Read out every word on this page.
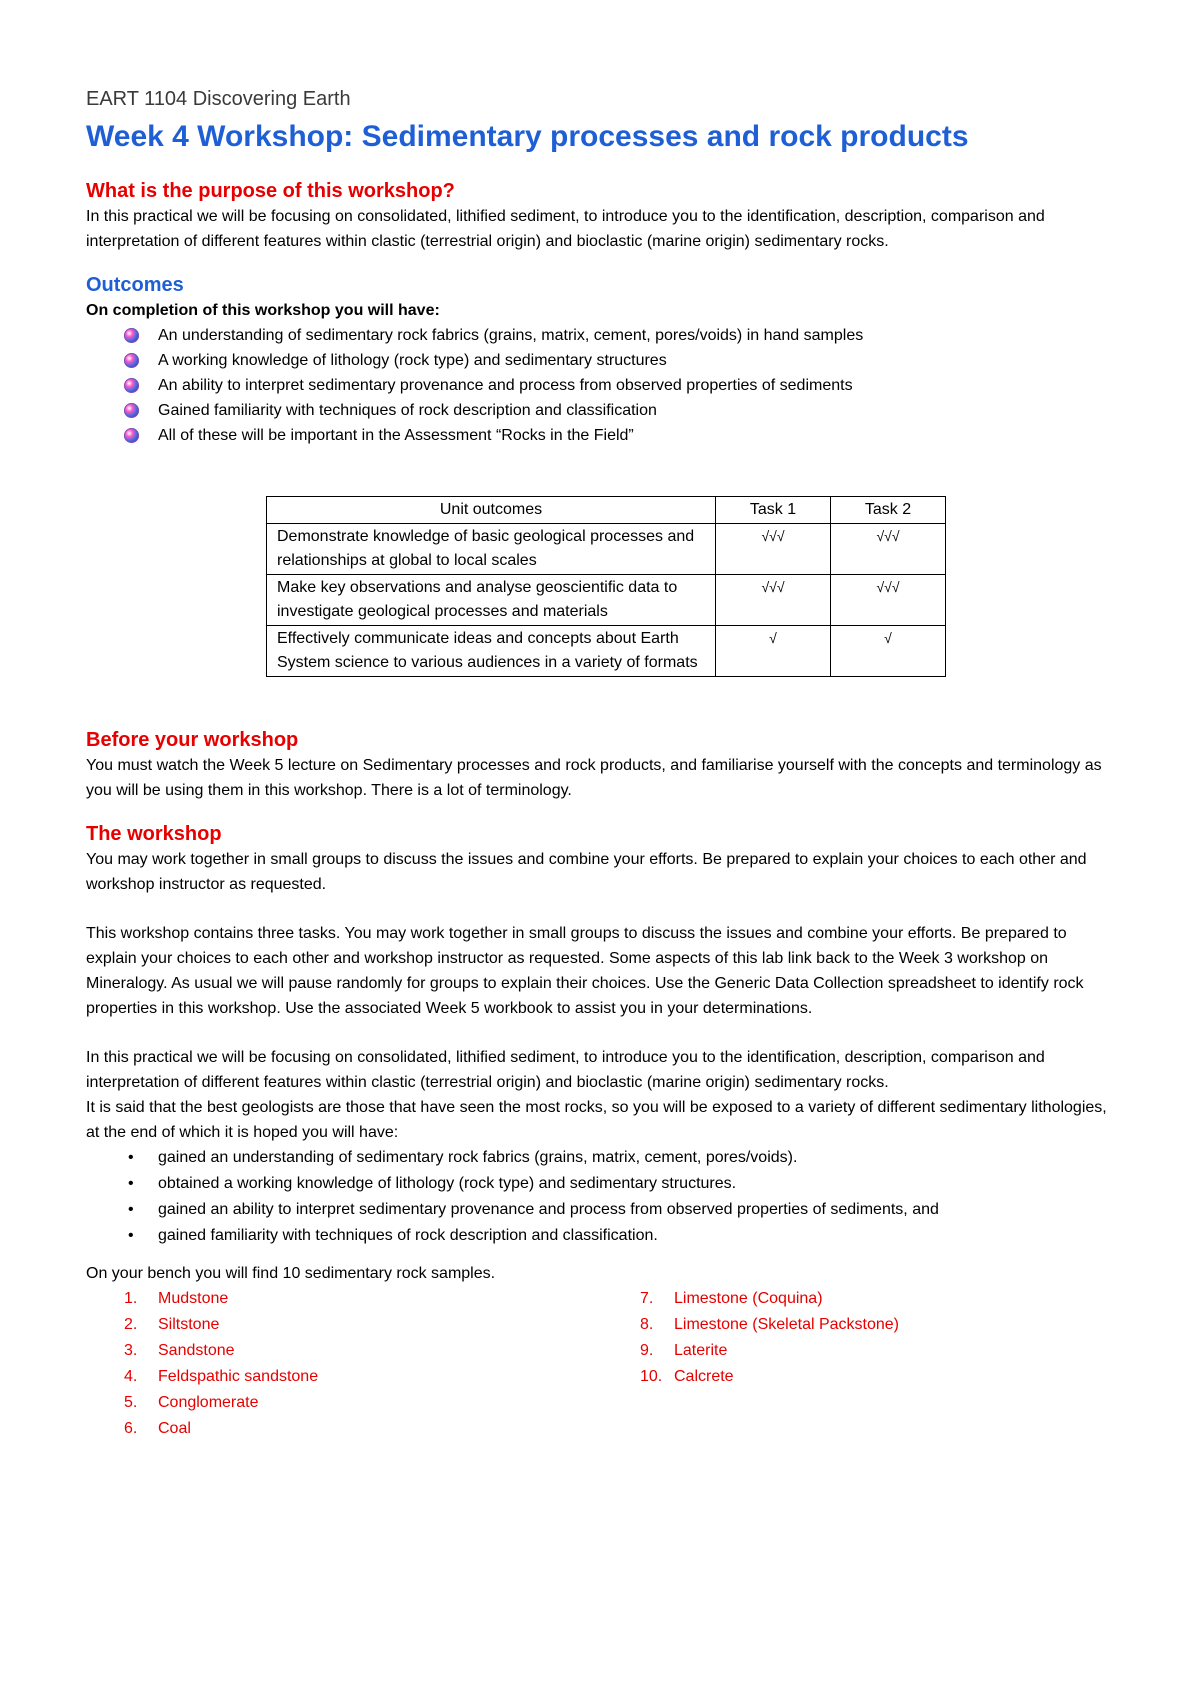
EART 1104 Discovering Earth

Week 4 Workshop: Sedimentary processes and rock products
What is the purpose of this workshop?

In this practical we will be focusing on consolidated, lithified sediment, to introduce you to the identification, description, comparison and interpretation of different features within clastic (terrestrial origin) and bioclastic (marine origin) sedimentary rocks.

Outcomes

On completion of this workshop you will have:

An understanding of sedimentary rock fabrics (grains, matrix, cement, pores/voids) in hand samples
A working knowledge of lithology (rock type) and sedimentary structures
An ability to interpret sedimentary provenance and process from observed properties of sediments
Gained familiarity with techniques of rock description and classification
All of these will be important in the Assessment “Rocks in the Field”
Unit outcomes	Task 1	Task 2
Demonstrate knowledge of basic geological processes and relationships at global to local scales	√√√	√√√
Make key observations and analyse geoscientific data to investigate geological processes and materials	√√√	√√√
Effectively communicate ideas and concepts about Earth System science to various audiences in a variety of formats	√	√
Before your workshop

You must watch the Week 5 lecture on Sedimentary processes and rock products, and familiarise yourself with the concepts and terminology as you will be using them in this workshop. There is a lot of terminology.

The workshop

You may work together in small groups to discuss the issues and combine your efforts. Be prepared to explain your choices to each other and workshop instructor as requested.

This workshop contains three tasks. You may work together in small groups to discuss the issues and combine your efforts. Be prepared to explain your choices to each other and workshop instructor as requested. Some aspects of this lab link back to the Week 3 workshop on Mineralogy. As usual we will pause randomly for groups to explain their choices. Use the Generic Data Collection spreadsheet to identify rock properties in this workshop. Use the associated Week 5 workbook to assist you in your determinations.

In this practical we will be focusing on consolidated, lithified sediment, to introduce you to the identification, description, comparison and interpretation of different features within clastic (terrestrial origin) and bioclastic (marine origin) sedimentary rocks.

It is said that the best geologists are those that have seen the most rocks, so you will be exposed to a variety of different sedimentary lithologies, at the end of which it is hoped you will have:

• gained an understanding of sedimentary rock fabrics (grains, matrix, cement, pores/voids).
• obtained a working knowledge of lithology (rock type) and sedimentary structures.
• gained an ability to interpret sedimentary provenance and process from observed properties of sediments, and
• gained familiarity with techniques of rock description and classification.

On your bench you will find 10 sedimentary rock samples.

1.	Mudstone
2.	Siltstone
3.	Sandstone
4.	Feldspathic sandstone
5.	Conglomerate
6.	Coal
7.	Limestone (Coquina)
8.	Limestone (Skeletal Packstone)
9.	Laterite
10. Calcrete
